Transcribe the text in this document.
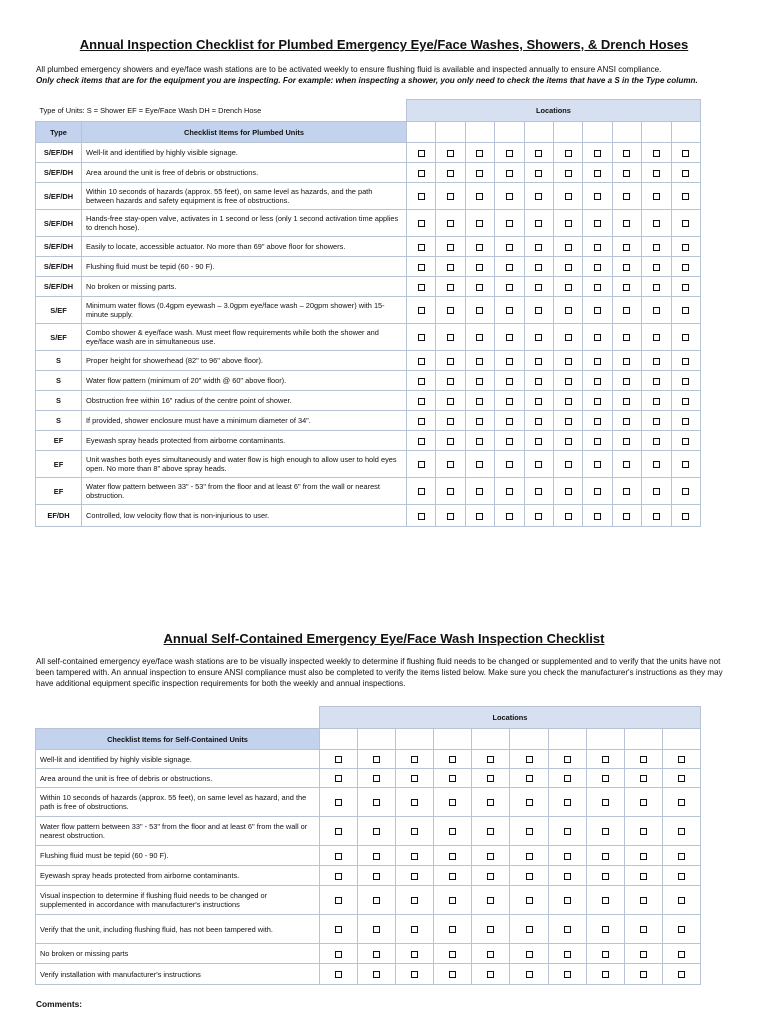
Annual Inspection Checklist for Plumbed Emergency Eye/Face Washes, Showers, & Drench Hoses

All plumbed emergency showers and eye/face wash stations are to be activated weekly to ensure flushing fluid is available and inspected annually to ensure ANSI compliance.
Only check items that are for the equipment you are inspecting. For example: when inspecting a shower, you only need to check the items that have a S in the Type column.

Type of Units: S = Shower EF = Eye/Face Wash DH = Drench Hose		Locations									
Type	Checklist Items for Plumbed Units										
S/EF/DH	Well-lit and identified by highly visible signage.										
S/EF/DH	Area around the unit is free of debris or obstructions.										
S/EF/DH	Within 10 seconds of hazards (approx. 55 feet), on same level as hazards, and the path between hazards and safety equipment is free of obstructions.										
S/EF/DH	Hands-free stay-open valve, activates in 1 second or less (only 1 second activation time applies to drench hose).										
S/EF/DH	Easily to locate, accessible actuator. No more than 69" above floor for showers.										
S/EF/DH	Flushing fluid must be tepid (60 - 90 F).										
S/EF/DH	No broken or missing parts.										
S/EF	Minimum water flows (0.4gpm eyewash – 3.0gpm eye/face wash – 20gpm shower) with 15-minute supply.										
S/EF	Combo shower & eye/face wash. Must meet flow requirements while both the shower and eye/face wash are in simultaneous use.										
S	Proper height for showerhead (82" to 96" above floor).										
S	Water flow pattern (minimum of 20" width @ 60" above floor).										
S	Obstruction free within 16" radius of the centre point of shower.										
S	If provided, shower enclosure must have a minimum diameter of 34".										
EF	Eyewash spray heads protected from airborne contaminants.										
EF	Unit washes both eyes simultaneously and water flow is high enough to allow user to hold eyes open. No more than 8" above spray heads.										
EF	Water flow pattern between 33" - 53" from the floor and at least 6" from the wall or nearest obstruction.										
EF/DH	Controlled, low velocity flow that is non-injurious to user.										
Annual Self-Contained Emergency Eye/Face Wash Inspection Checklist

All self-contained emergency eye/face wash stations are to be visually inspected weekly to determine if flushing fluid needs to be changed or supplemented and to verify that the units have not been tampered with. An annual inspection to ensure ANSI compliance must also be completed to verify the items listed below. Make sure you check the manufacturer's instructions as they may have additional equipment specific inspection requirements for both the weekly and annual inspections.

	Locations									
Checklist Items for Self-Contained Units										
Well-lit and identified by highly visible signage.										
Area around the unit is free of debris or obstructions.										
Within 10 seconds of hazards (approx. 55 feet), on same level as hazard, and the path is free of obstructions.										
Water flow pattern between 33" - 53" from the floor and at least 6" from the wall or nearest obstruction.										
Flushing fluid must be tepid (60 - 90 F).										
Eyewash spray heads protected from airborne contaminants.										
Visual inspection to determine if flushing fluid needs to be changed or supplemented in accordance with manufacturer's instructions										
Verify that the unit, including flushing fluid, has not been tampered with.										
No broken or missing parts										
Verify installation with manufacturer's instructions										

Comments:
